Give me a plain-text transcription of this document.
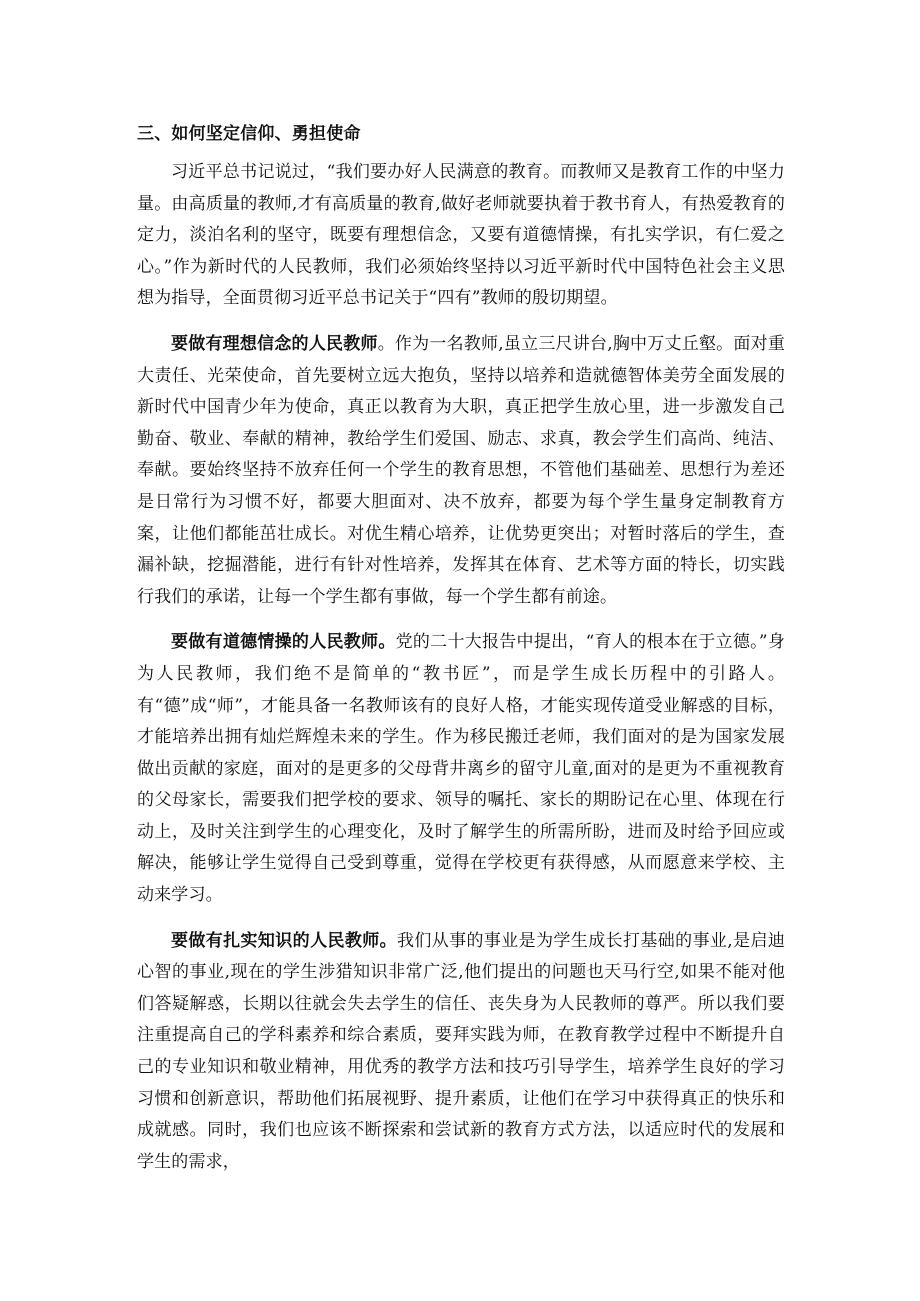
三、如何坚定信仰、勇担使命

习近平总书记说过，“我们要办好人民满意的教育。而教师又是教育工作的中坚力量。由高质量的教师,才有高质量的教育,做好老师就要执着于教书育人，有热爱教育的定力，淡泊名利的坚守，既要有理想信念，又要有道德情操，有扎实学识，有仁爱之心。”作为新时代的人民教师，我们必须始终坚持以习近平新时代中国特色社会主义思想为指导，全面贯彻习近平总书记关于“四有”教师的殷切期望。

要做有理想信念的人民教师。作为一名教师,虽立三尺讲台,胸中万丈丘壑。面对重大责任、光荣使命，首先要树立远大抱负，坚持以培养和造就德智体美劳全面发展的新时代中国青少年为使命，真正以教育为大职，真正把学生放心里，进一步激发自己勤奋、敬业、奉献的精神，教给学生们爱国、励志、求真，教会学生们高尚、纯洁、奉献。要始终坚持不放弃任何一个学生的教育思想，不管他们基础差、思想行为差还是日常行为习惯不好，都要大胆面对、决不放弃，都要为每个学生量身定制教育方案，让他们都能茁壮成长。对优生精心培养，让优势更突出；对暂时落后的学生，查漏补缺，挖掘潜能，进行有针对性培养，发挥其在体育、艺术等方面的特长，切实践行我们的承诺，让每一个学生都有事做，每一个学生都有前途。

要做有道德情操的人民教师。党的二十大报告中提出，“育人的根本在于立德。”身为人民教师，我们绝不是简单的“教书匠”，而是学生成长历程中的引路人。有“德”成“师”，才能具备一名教师该有的良好人格，才能实现传道受业解惑的目标，才能培养出拥有灿烂辉煌未来的学生。作为移民搬迁老师，我们面对的是为国家发展做出贡献的家庭，面对的是更多的父母背井离乡的留守儿童,面对的是更为不重视教育的父母家长，需要我们把学校的要求、领导的嘱托、家长的期盼记在心里、体现在行动上，及时关注到学生的心理变化，及时了解学生的所需所盼，进而及时给予回应或解决，能够让学生觉得自己受到尊重，觉得在学校更有获得感，从而愿意来学校、主动来学习。

要做有扎实知识的人民教师。我们从事的事业是为学生成长打基础的事业,是启迪心智的事业,现在的学生涉猎知识非常广泛,他们提出的问题也天马行空,如果不能对他们答疑解惑，长期以往就会失去学生的信任、丧失身为人民教师的尊严。所以我们要注重提高自己的学科素养和综合素质，要拜实践为师，在教育教学过程中不断提升自己的专业知识和敬业精神，用优秀的教学方法和技巧引导学生，培养学生良好的学习习惯和创新意识，帮助他们拓展视野、提升素质，让他们在学习中获得真正的快乐和成就感。同时，我们也应该不断探索和尝试新的教育方式方法，以适应时代的发展和学生的需求，
